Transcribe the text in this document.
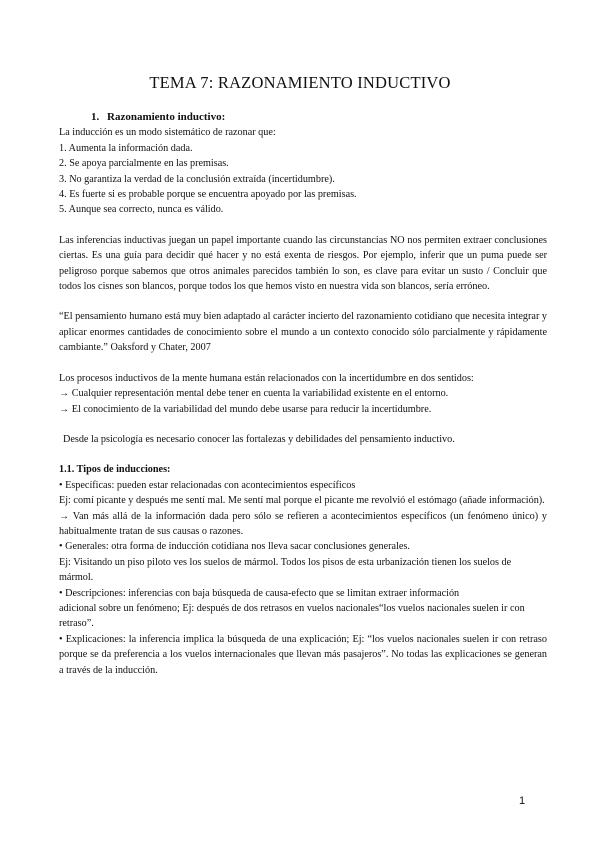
TEMA 7: RAZONAMIENTO INDUCTIVO

1. Razonamiento inductivo:

La inducción es un modo sistemático de razonar que:

1. Aumenta la información dada.

2. Se apoya parcialmente en las premisas.

3. No garantiza la verdad de la conclusión extraída (incertidumbre).

4. Es fuerte si es probable porque se encuentra apoyado por las premisas.

5. Aunque sea correcto, nunca es válido.

Las inferencias inductivas juegan un papel importante cuando las circunstancias NO nos permiten extraer conclusiones ciertas. Es una guía para decidir qué hacer y no está exenta de riesgos. Por ejemplo, inferir que un puma puede ser peligroso porque sabemos que otros animales parecidos también lo son, es clave para evitar un susto / Concluir que todos los cisnes son blancos, porque todos los que hemos visto en nuestra vida son blancos, sería erróneo.

“El pensamiento humano está muy bien adaptado al carácter incierto del razonamiento cotidiano que necesita integrar y aplicar enormes cantidades de conocimiento sobre el mundo a un contexto conocido sólo parcialmente y rápidamente cambiante.” Oaksford y Chater, 2007

Los procesos inductivos de la mente humana están relacionados con la incertidumbre en dos sentidos:

→ Cualquier representación mental debe tener en cuenta la variabilidad existente en el entorno.

→ El conocimiento de la variabilidad del mundo debe usarse para reducir la incertidumbre.

Desde la psicología es necesario conocer las fortalezas y debilidades del pensamiento inductivo.

1.1. Tipos de inducciones:

• Específicas: pueden estar relacionadas con acontecimientos específicos

Ej: comí picante y después me sentí mal. Me sentí mal porque el picante me revolvió el estómago (añade información).

→ Van más allá de la información dada pero sólo se refieren a acontecimientos específicos (un fenómeno único) y habitualmente tratan de sus causas o razones.

• Generales: otra forma de inducción cotidiana nos lleva sacar conclusiones generales.

Ej: Visitando un piso piloto ves los suelos de mármol. Todos los pisos de esta urbanización tienen los suelos de mármol.

• Descripciones: inferencias con baja búsqueda de causa-efecto que se limitan extraer información

adicional sobre un fenómeno; Ej: después de dos retrasos en vuelos nacionales“los vuelos nacionales suelen ir con retraso”.

• Explicaciones: la inferencia implica la búsqueda de una explicación; Ej: “los vuelos nacionales suelen ir con retraso porque se da preferencia a los vuelos internacionales que llevan más pasajeros”. No todas las explicaciones se generan a través de la inducción.

1
